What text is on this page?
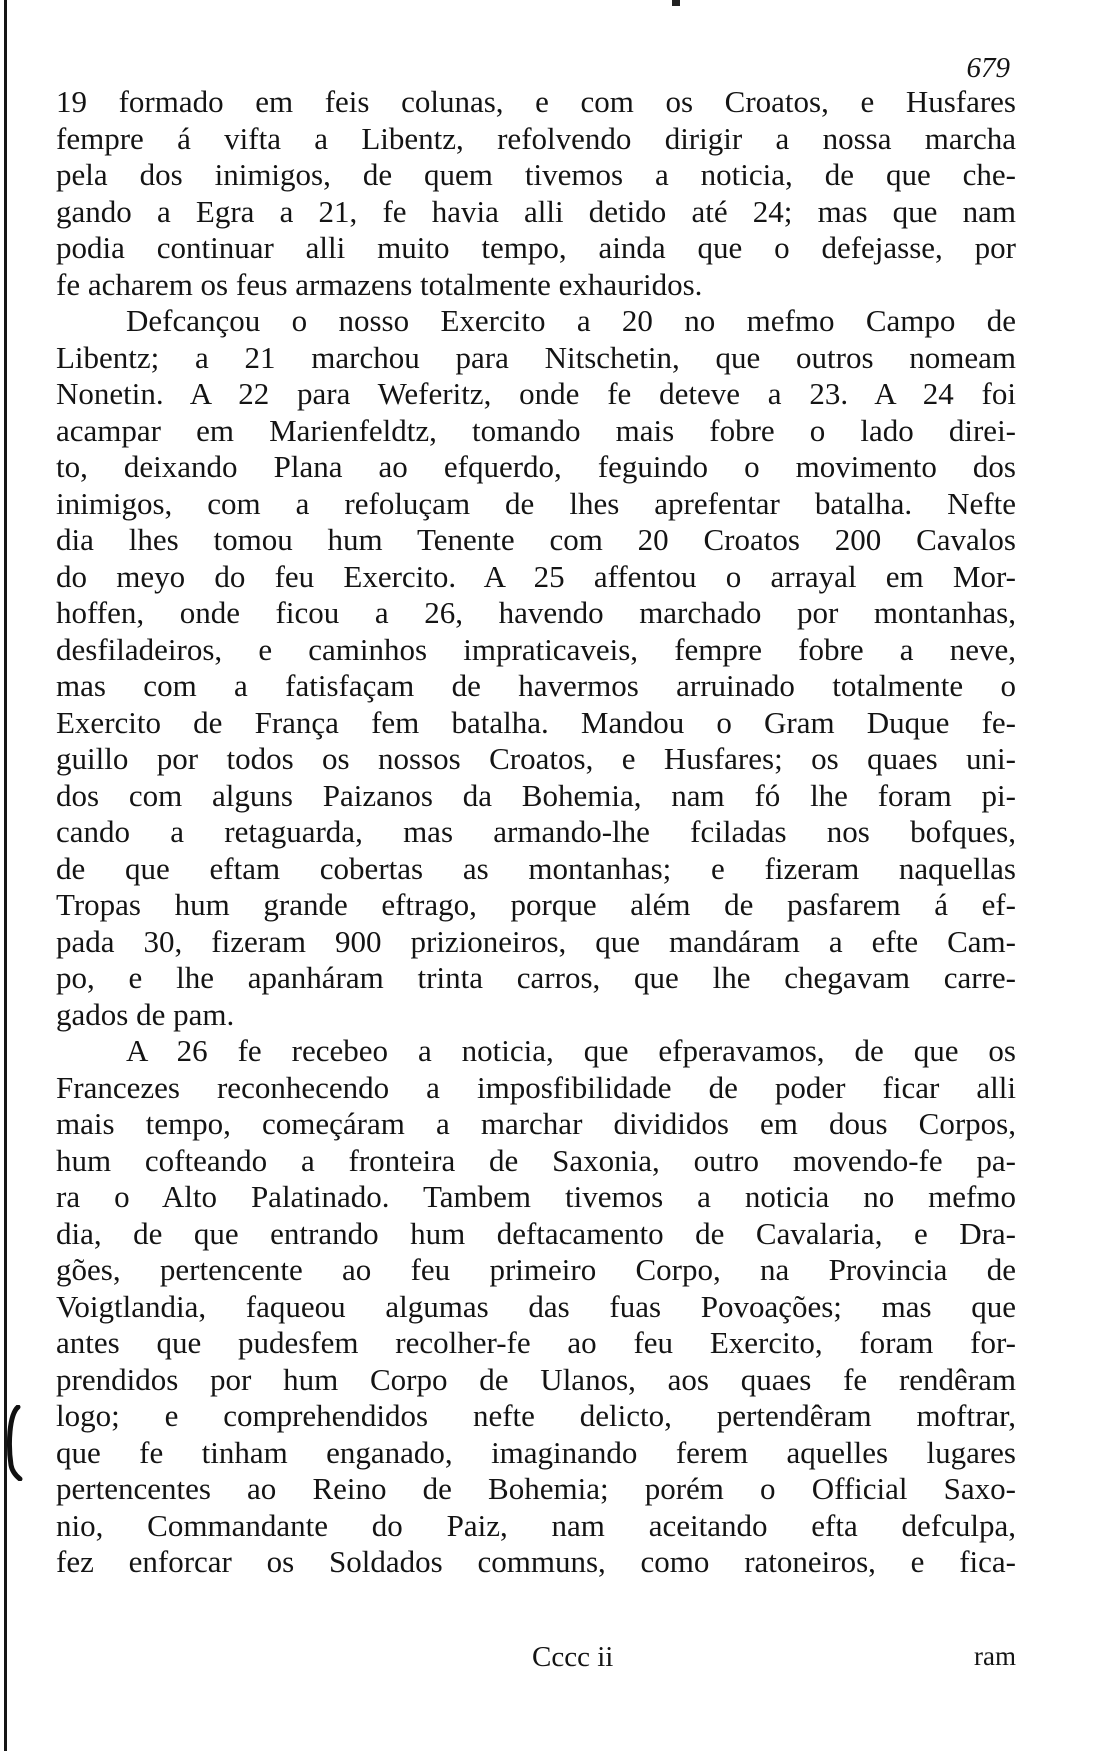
679
19 formado em feis colunas, e com os Croatos, e Husfares
fempre á vifta a Libentz, refolvendo dirigir a nossa marcha
pela dos inimigos, de quem tivemos a noticia, de que che-
gando a Egra a 21, fe havia alli detido até 24; mas que nam
podia continuar alli muito tempo, ainda que o defejasse, por
fe acharem os feus armazens totalmente exhauridos.
Defcançou o nosso Exercito a 20 no mefmo Campo de
Libentz; a 21 marchou para Nitschetin, que outros nomeam
Nonetin. A 22 para Weferitz, onde fe deteve a 23. A 24 foi
acampar em Marienfeldtz, tomando mais fobre o lado direi-
to, deixando Plana ao efquerdo, feguindo o movimento dos
inimigos, com a refoluçam de lhes aprefentar batalha. Nefte
dia lhes tomou hum Tenente com 20 Croatos 200 Cavalos
do meyo do feu Exercito. A 25 affentou o arrayal em Mor-
hoffen, onde ficou a 26, havendo marchado por montanhas,
desfiladeiros, e caminhos impraticaveis, fempre fobre a neve,
mas com a fatisfaçam de havermos arruinado totalmente o
Exercito de França fem batalha. Mandou o Gram Duque fe-
guillo por todos os nossos Croatos, e Husfares; os quaes uni-
dos com alguns Paizanos da Bohemia, nam fó lhe foram pi-
cando a retaguarda, mas armando-lhe fciladas nos bofques,
de que eftam cobertas as montanhas; e fizeram naquellas
Tropas hum grande eftrago, porque além de pasfarem á ef-
pada 30, fizeram 900 prizioneiros, que mandáram a efte Cam-
po, e lhe apanháram trinta carros, que lhe chegavam carre-
gados de pam.
A 26 fe recebeo a noticia, que efperavamos, de que os
Francezes reconhecendo a imposfibilidade de poder ficar alli
mais tempo, começáram a marchar divididos em dous Corpos,
hum cofteando a fronteira de Saxonia, outro movendo-fe pa-
ra o Alto Palatinado. Tambem tivemos a noticia no mefmo
dia, de que entrando hum deftacamento de Cavalaria, e Dra-
gões, pertencente ao feu primeiro Corpo, na Provincia de
Voigtlandia, faqueou algumas das fuas Povoações; mas que
antes que pudesfem recolher-fe ao feu Exercito, foram for-
prendidos por hum Corpo de Ulanos, aos quaes fe rendêram
logo; e comprehendidos nefte delicto, pertendêram moftrar,
que fe tinham enganado, imaginando ferem aquelles lugares
pertencentes ao Reino de Bohemia; porém o Official Saxo-
nio, Commandante do Paiz, nam aceitando efta defculpa,
fez enforcar os Soldados communs, como ratoneiros, e fica-
Cccc ii	ram
